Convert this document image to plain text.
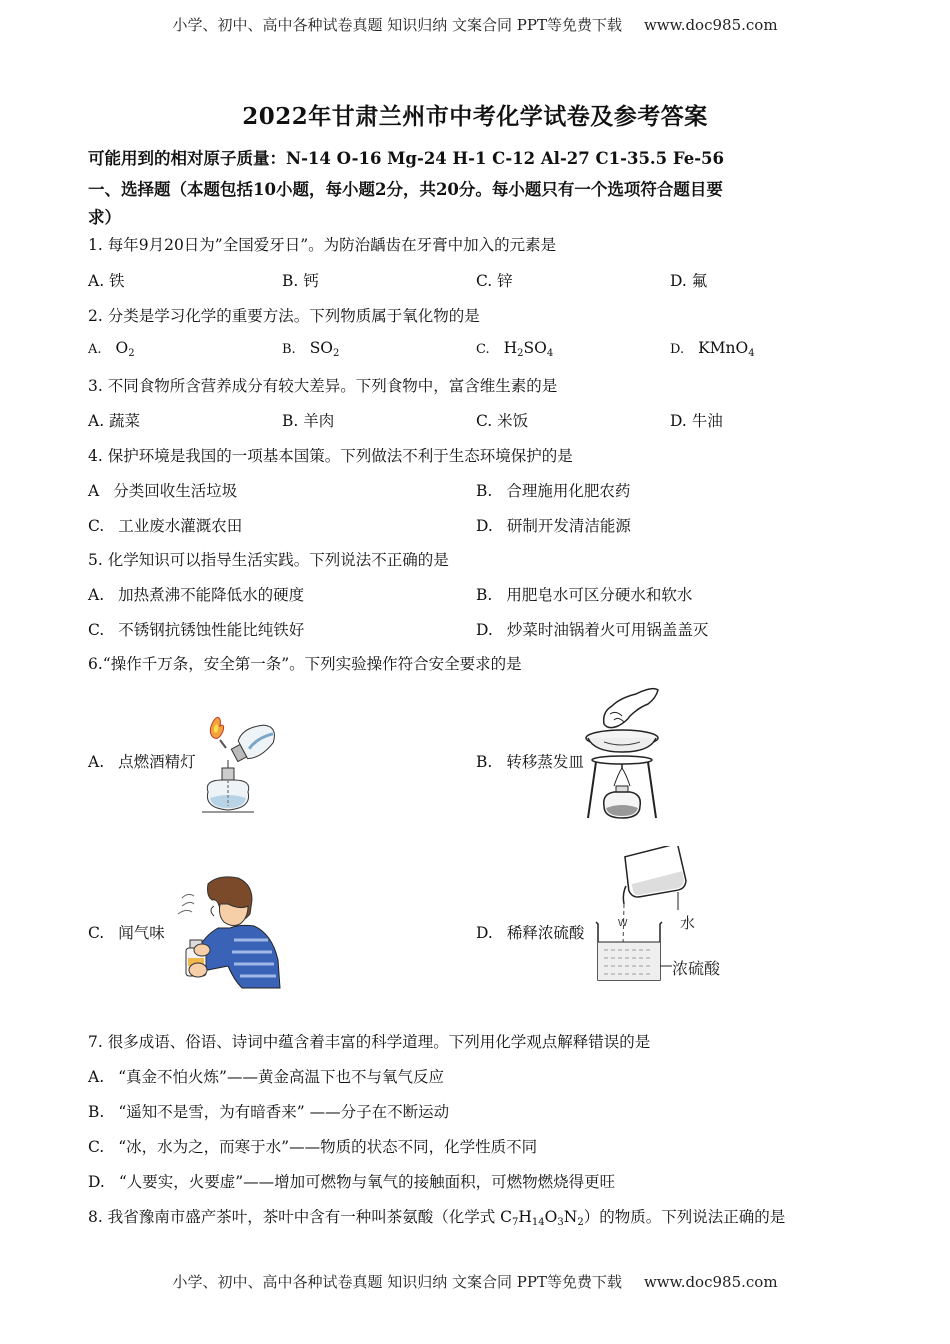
小学、初中、高中各种试卷真题 知识归纳 文案合同 PPT等免费下载 www.doc985.com
小学、初中、高中各种试卷真题 知识归纳 文案合同 PPT等免费下载 www.doc985.com
2022年甘肃兰州市中考化学试卷及参考答案
可能用到的相对原子质量：N-14 O-16 Mg-24 H-1 C-12 Al-27 C1-35.5 Fe-56
一、选择题（本题包括10小题，每小题2分，共20分。每小题只有一个选项符合题目要
求）
1. 每年9月20日为”全国爱牙日”。为防治龋齿在牙膏中加入的元素是
A. 铁	B. 钙	C. 锌	D. 氟
2. 分类是学习化学的重要方法。下列物质属于氧化物的是
A. $O_2$	B. $SO_2$	C. $H_2SO_4$	D. KMnO$_4$
3. 不同食物所含营养成分有较大差异。下列食物中，富含维生素的是
A. 蔬菜	B. 羊肉	C. 米饭	D. 牛油
4. 保护环境是我国的一项基本国策。下列做法不利于生态环境保护的是
A 分类回收生活垃圾	B. 合理施用化肥农药
C. 工业废水灌溉农田	D. 研制开发清洁能源
5. 化学知识可以指导生活实践。下列说法不正确的是
A. 加热煮沸不能降低水的硬度	B. 用肥皂水可区分硬水和软水
C. 不锈钢抗锈蚀性能比纯铁好	D. 炒菜时油锅着火可用锅盖盖灭
6.“操作千万条，安全第一条”。下列实验操作符合安全要求的是
A. 点燃酒精灯	B. 转移蒸发皿
C. 闻气味	D. 稀释浓硫酸
W	水
浓硫酸
7. 很多成语、俗语、诗词中蕴含着丰富的科学道理。下列用化学观点解释错误的是
A. “真金不怕火炼”——黄金高温下也不与氧气反应
B. “遥知不是雪，为有暗香来” ——分子在不断运动
C. “冰，水为之，而寒于水”——物质的状态不同，化学性质不同
D. “人要实，火要虚”——增加可燃物与氧气的接触面积，可燃物燃烧得更旺
8. 我省豫南市盛产茶叶，茶叶中含有一种叫茶氨酸（化学式 $C_7H_{14}O_3N_2$）的物质。下列说法正确的是
